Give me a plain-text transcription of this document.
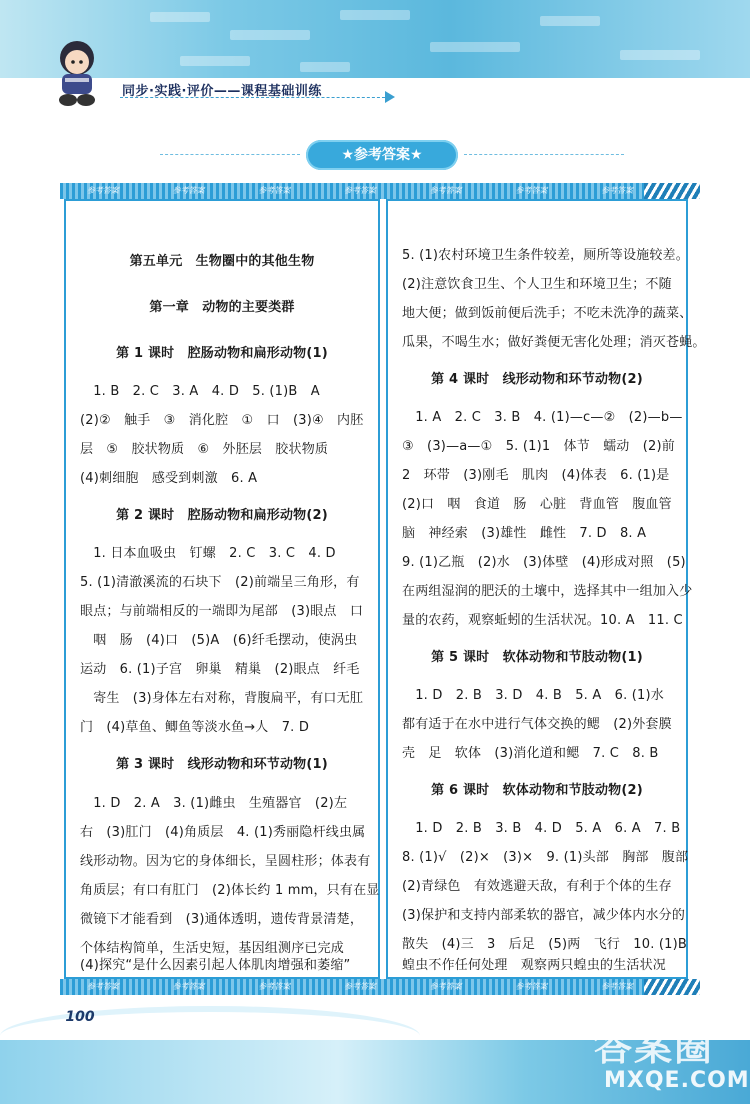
同步·实践·评价——课程基础训练
★参考答案★
参考答案	参考答案	参考答案	参考答案	参考答案	参考答案	参考答案
第五单元　生物圈中的其他生物
第一章　动物的主要类群
第 1 课时　腔肠动物和扁形动物(1)
　1. B　2. C　3. A　4. D　5. (1)B　A
(2)②　触手　③　消化腔　①　口　(3)④　内胚
层　⑤　胶状物质　⑥　外胚层　胶状物质
(4)刺细胞　感受到刺激　6. A
第 2 课时　腔肠动物和扁形动物(2)
　1. 日本血吸虫　钉螺　2. C　3. C　4. D
5. (1)清澈溪流的石块下　(2)前端呈三角形，有
眼点；与前端相反的一端即为尾部　(3)眼点　口
　咽　肠　(4)口　(5)A　(6)纤毛摆动，使涡虫
运动　6. (1)子宫　卵巢　精巢　(2)眼点　纤毛
　寄生　(3)身体左右对称，背腹扁平，有口无肛
门　(4)草鱼、鲫鱼等淡水鱼→人　7. D
第 3 课时　线形动物和环节动物(1)
　1. D　2. A　3. (1)雌虫　生殖器官　(2)左
右　(3)肛门　(4)角质层　4. (1)秀丽隐杆线虫属
线形动物。因为它的身体细长，呈圆柱形；体表有
角质层；有口有肛门　(2)体长约 1 mm，只有在显
微镜下才能看到　(3)通体透明，遗传背景清楚，
个体结构简单，生活史短，基因组测序已完成
(4)探究“是什么因素引起人体肌肉增强和萎缩”
5. (1)农村环境卫生条件较差，厕所等设施较差。
(2)注意饮食卫生、个人卫生和环境卫生；不随
地大便；做到饭前便后洗手；不吃未洗净的蔬菜、
瓜果，不喝生水；做好粪便无害化处理；消灭苍蝇。
第 4 课时　线形动物和环节动物(2)
　1. A　2. C　3. B　4. (1)—c—②　(2)—b—
③　(3)—a—①　5. (1)1　体节　蠕动　(2)前
2　环带　(3)刚毛　肌肉　(4)体表　6. (1)是
(2)口　咽　食道　肠　心脏　背血管　腹血管
脑　神经索　(3)雄性　雌性　7. D　8. A
9. (1)乙瓶　(2)水　(3)体壁　(4)形成对照　(5)
在两组湿润的肥沃的土壤中，选择其中一组加入少
量的农药，观察蚯蚓的生活状况。10. A　11. C
第 5 课时　软体动物和节肢动物(1)
　1. D　2. B　3. D　4. B　5. A　6. (1)水
都有适于在水中进行气体交换的鳃　(2)外套膜
壳　足　软体　(3)消化道和鳃　7. C　8. B
第 6 课时　软体动物和节肢动物(2)
　1. D　2. B　3. B　4. D　5. A　6. A　7. B
8. (1)√　(2)×　(3)×　9. (1)头部　胸部　腹部
(2)青绿色　有效逃避天敌，有利于个体的生存
(3)保护和支持内部柔软的器官，减少体内水分的
散失　(4)三　3　后足　(5)两　飞行　10. (1)B
蝗虫不作任何处理　观察两只蝗虫的生活状况
参考答案	参考答案	参考答案	参考答案	参考答案	参考答案	参考答案
100
答案圈
MXQE.COM
